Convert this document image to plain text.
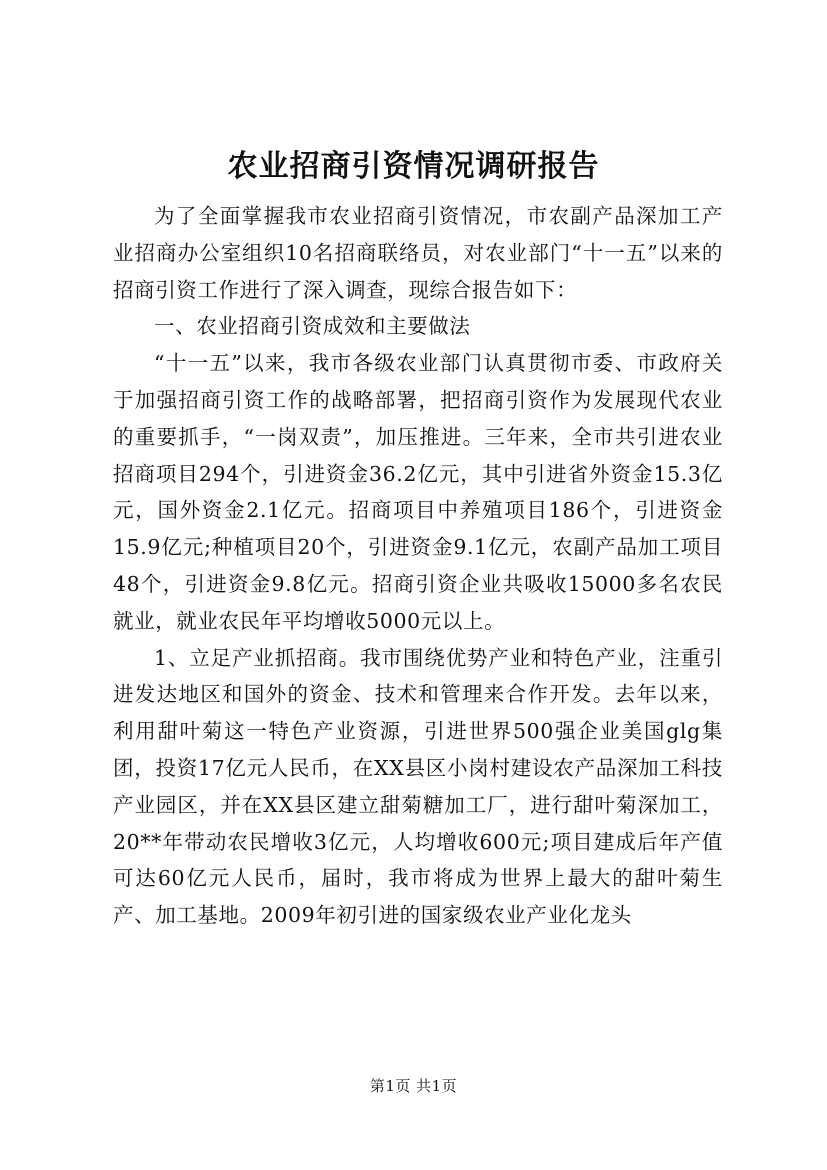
农业招商引资情况调研报告

为了全面掌握我市农业招商引资情况，市农副产品深加工产业招商办公室组织10名招商联络员，对农业部门“十一五”以来的招商引资工作进行了深入调查，现综合报告如下：

一、农业招商引资成效和主要做法

“十一五”以来，我市各级农业部门认真贯彻市委、市政府关于加强招商引资工作的战略部署，把招商引资作为发展现代农业的重要抓手，“一岗双责”，加压推进。三年来，全市共引进农业招商项目294个，引进资金36.2亿元，其中引进省外资金15.3亿元，国外资金2.1亿元。招商项目中养殖项目186个，引进资金15.9亿元;种植项目20个，引进资金9.1亿元，农副产品加工项目48个，引进资金9.8亿元。招商引资企业共吸收15000多名农民就业，就业农民年平均增收5000元以上。

1、立足产业抓招商。我市围绕优势产业和特色产业，注重引进发达地区和国外的资金、技术和管理来合作开发。去年以来，利用甜叶菊这一特色产业资源，引进世界500强企业美国glg集团，投资17亿元人民币，在XX县区小岗村建设农产品深加工科技产业园区，并在XX县区建立甜菊糖加工厂，进行甜叶菊深加工，20**年带动农民增收3亿元，人均增收600元;项目建成后年产值可达60亿元人民币，届时，我市将成为世界上最大的甜叶菊生产、加工基地。2009年初引进的国家级农业产业化龙头

第1页 共1页
